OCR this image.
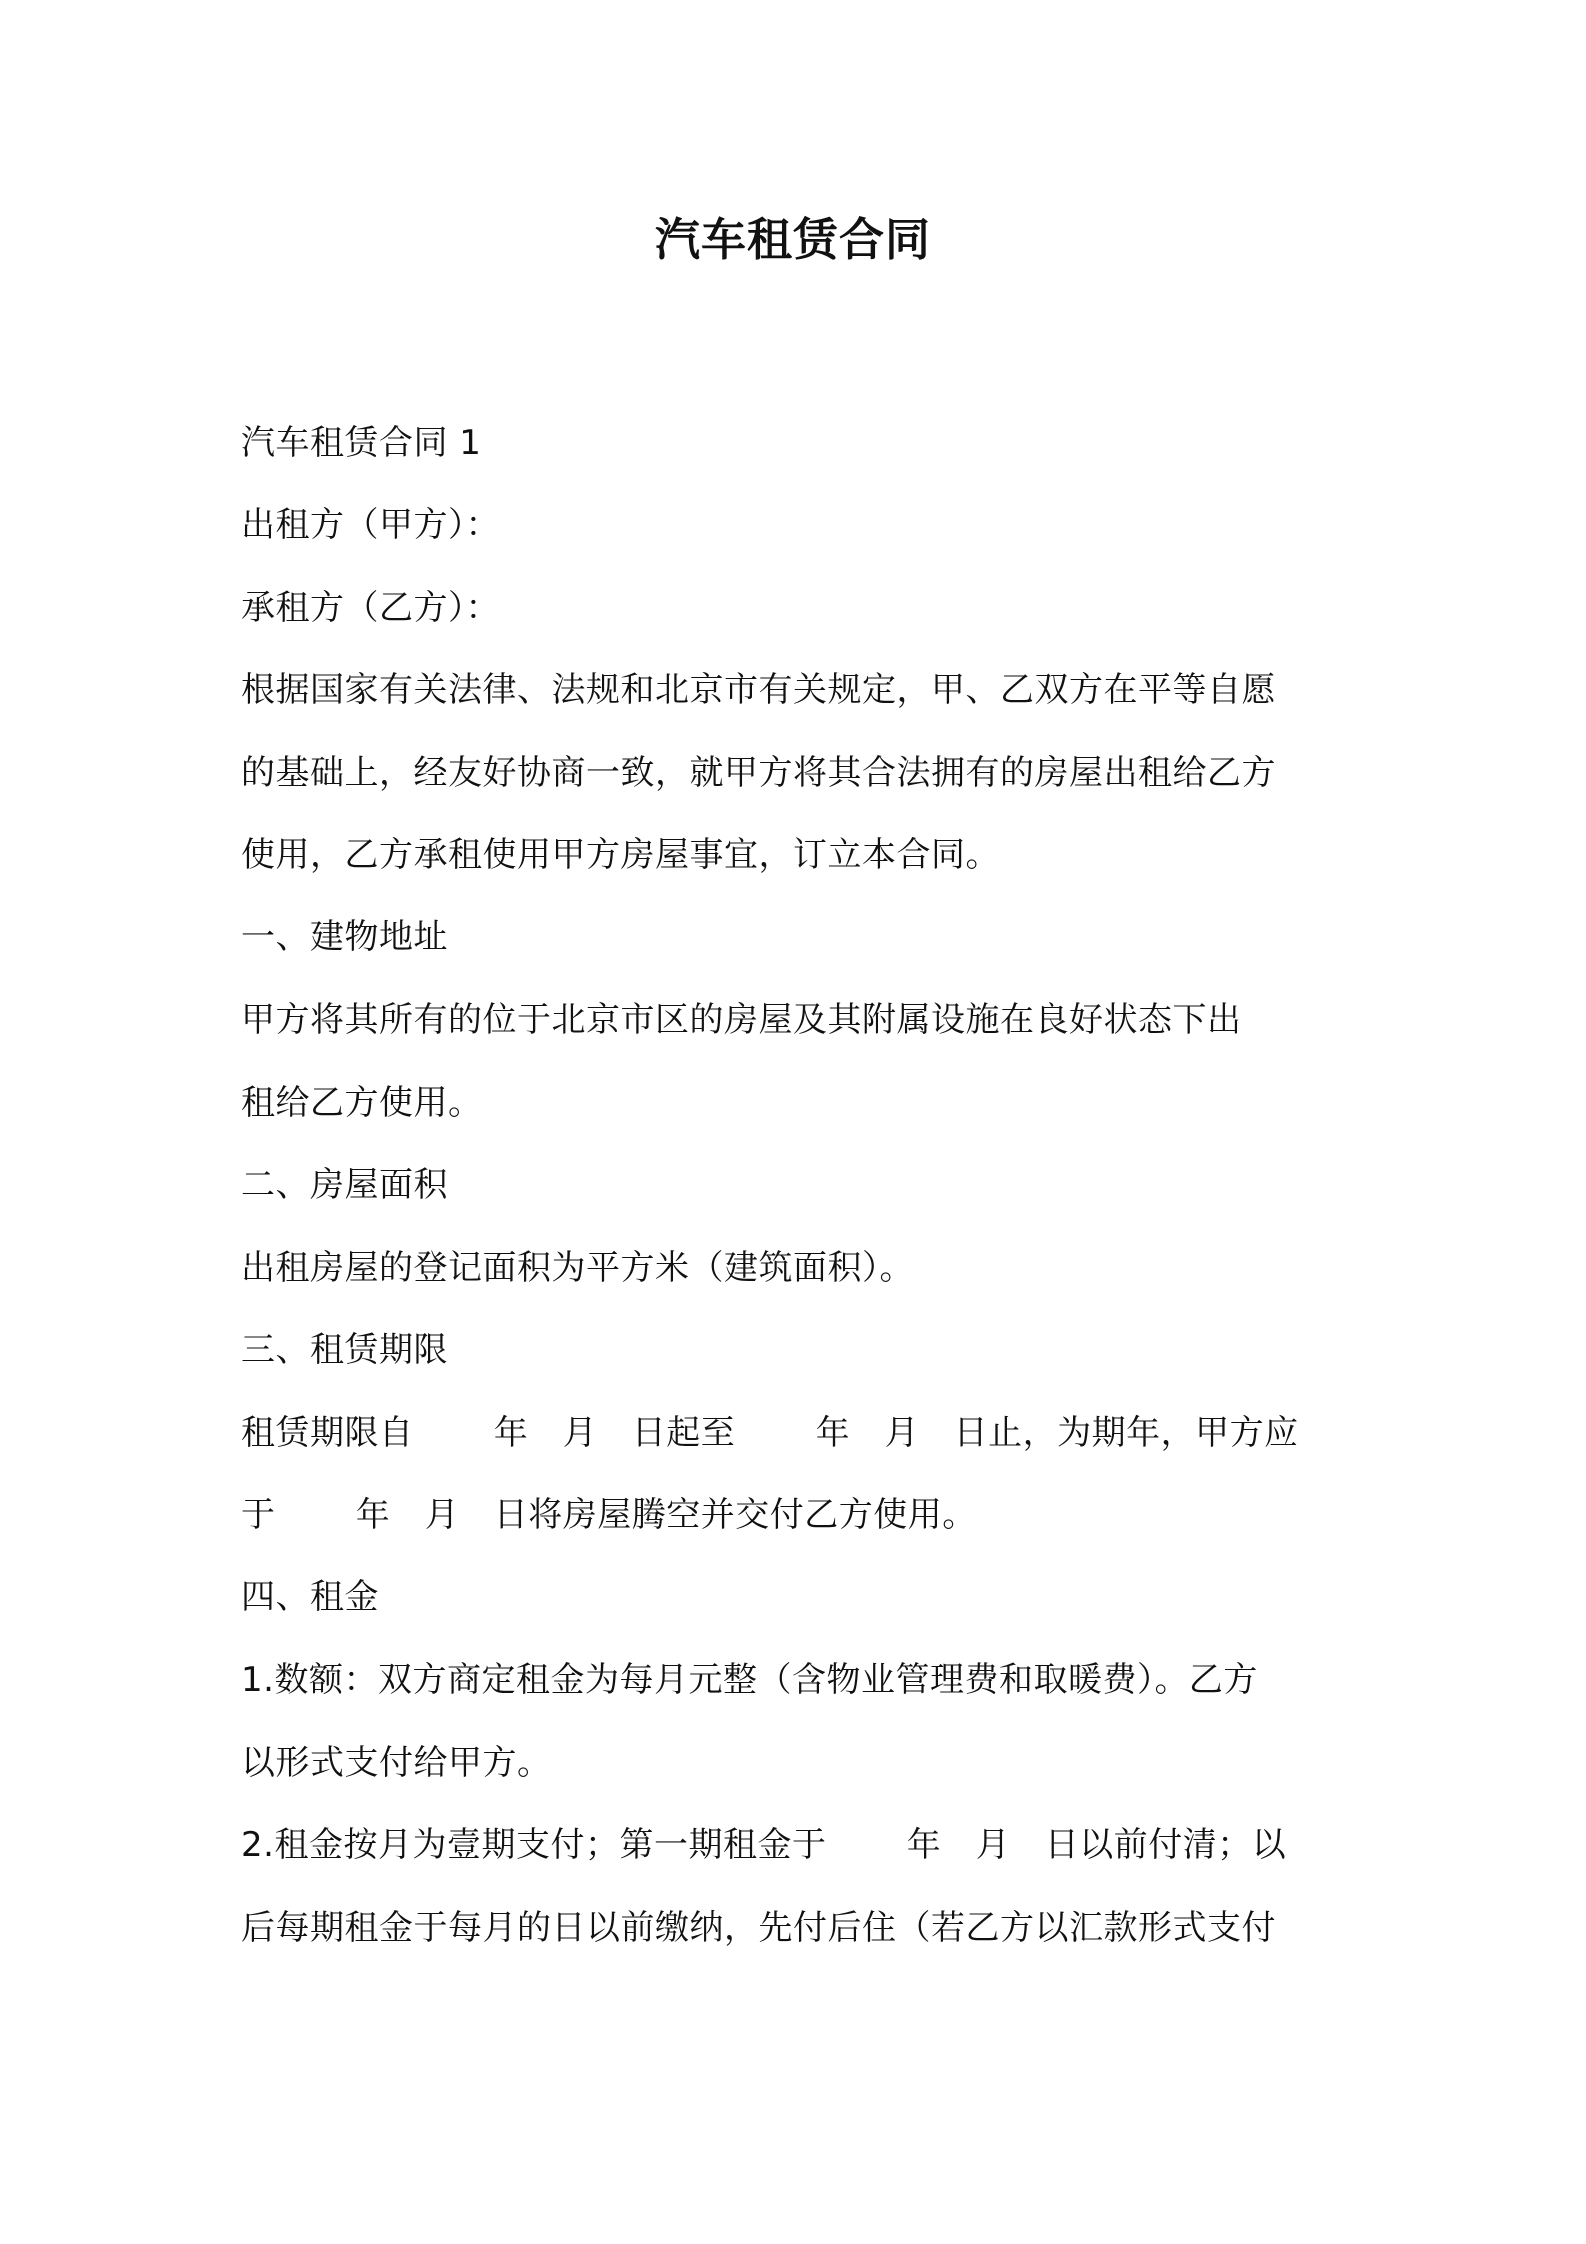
汽车租赁合同
汽车租赁合同 1
出租方（甲方）：
承租方（乙方）：
根据国家有关法律、法规和北京市有关规定，甲、乙双方在平等自愿
的基础上，经友好协商一致，就甲方将其合法拥有的房屋出租给乙方
使用，乙方承租使用甲方房屋事宜，订立本合同。
一、建物地址
甲方将其所有的位于北京市区的房屋及其附属设施在良好状态下出
租给乙方使用。
二、房屋面积
出租房屋的登记面积为平方米（建筑面积）。
三、租赁期限
租赁期限自　　 年　月　日起至　　 年　月　日止，为期年，甲方应
于　　 年　月　日将房屋腾空并交付乙方使用。
四、租金
1.数额：双方商定租金为每月元整（含物业管理费和取暖费）。乙方
以形式支付给甲方。
2.租金按月为壹期支付；第一期租金于　　 年　月　日以前付清；以
后每期租金于每月的日以前缴纳，先付后住（若乙方以汇款形式支付
